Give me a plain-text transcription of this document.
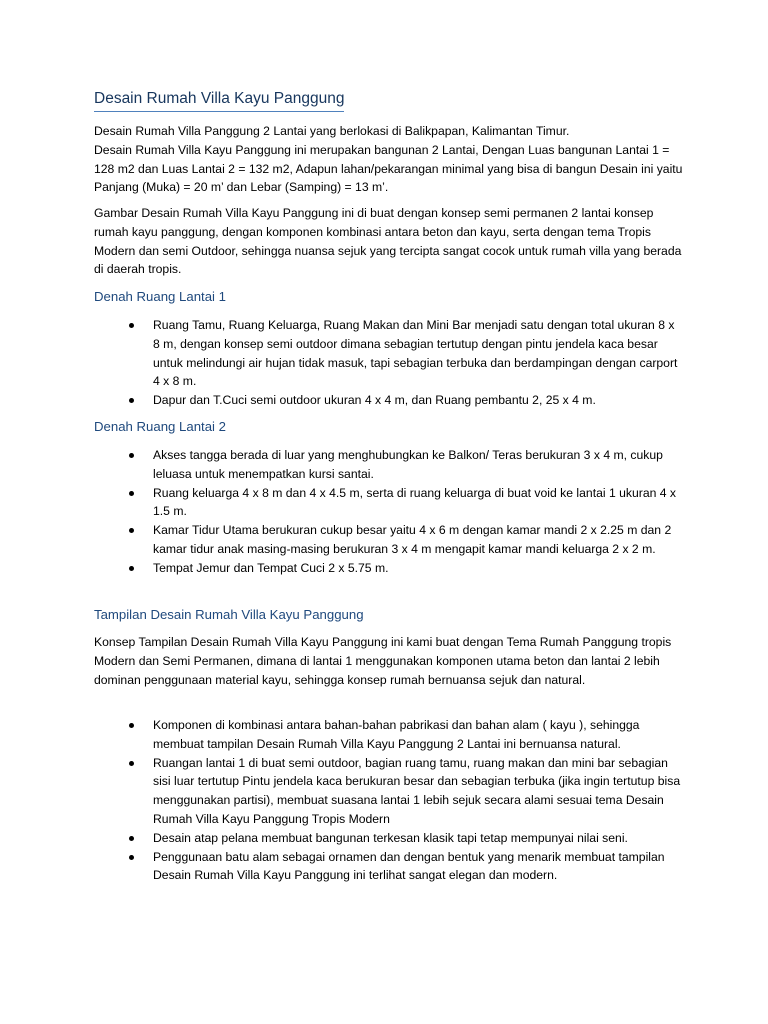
Desain Rumah Villa Kayu Panggung

Desain Rumah Villa Panggung 2 Lantai yang berlokasi di Balikpapan, Kalimantan Timur.

Desain Rumah Villa Kayu Panggung ini merupakan bangunan 2 Lantai, Dengan Luas bangunan Lantai 1 = 128 m2 dan Luas Lantai 2 = 132 m2, Adapun lahan/pekarangan minimal yang bisa di bangun Desain ini yaitu Panjang (Muka) = 20 m’ dan Lebar (Samping) = 13 m’.

Gambar Desain Rumah Villa Kayu Panggung ini di buat dengan konsep semi permanen 2 lantai konsep rumah kayu panggung, dengan komponen kombinasi antara beton dan kayu, serta dengan tema Tropis Modern dan semi Outdoor, sehingga nuansa sejuk yang tercipta sangat cocok untuk rumah villa yang berada di daerah tropis.

Denah Ruang Lantai 1
Ruang Tamu, Ruang Keluarga, Ruang Makan dan Mini Bar menjadi satu dengan total ukuran 8 x 8 m, dengan konsep semi outdoor dimana sebagian tertutup dengan pintu jendela kaca besar untuk melindungi air hujan tidak masuk, tapi sebagian terbuka dan berdampingan dengan carport 4 x 8 m.
Dapur dan T.Cuci semi outdoor ukuran 4 x 4 m, dan Ruang pembantu 2, 25 x 4 m.
Denah Ruang Lantai 2
Akses tangga berada di luar yang menghubungkan ke Balkon/ Teras berukuran 3 x 4 m, cukup leluasa untuk menempatkan kursi santai.
Ruang keluarga 4 x 8 m dan 4 x 4.5 m, serta di ruang keluarga di buat void ke lantai 1 ukuran 4 x 1.5 m.
Kamar Tidur Utama berukuran cukup besar yaitu 4 x 6 m dengan kamar mandi 2 x 2.25 m dan 2 kamar tidur anak masing-masing berukuran 3 x 4 m mengapit kamar mandi keluarga 2 x 2 m.
Tempat Jemur dan Tempat Cuci 2 x 5.75 m.
Tampilan Desain Rumah Villa Kayu Panggung

Konsep Tampilan Desain Rumah Villa Kayu Panggung ini kami buat dengan Tema Rumah Panggung tropis Modern dan Semi Permanen, dimana di lantai 1 menggunakan komponen utama beton dan lantai 2 lebih dominan penggunaan material kayu, sehingga konsep rumah bernuansa sejuk dan natural.

Komponen di kombinasi antara bahan-bahan pabrikasi dan bahan alam ( kayu ), sehingga membuat tampilan Desain Rumah Villa Kayu Panggung 2 Lantai ini bernuansa natural.
Ruangan lantai 1 di buat semi outdoor, bagian ruang tamu, ruang makan dan mini bar sebagian sisi luar tertutup Pintu jendela kaca berukuran besar dan sebagian terbuka (jika ingin tertutup bisa menggunakan partisi), membuat suasana lantai 1 lebih sejuk secara alami sesuai tema Desain Rumah Villa Kayu Panggung Tropis Modern
Desain atap pelana membuat bangunan terkesan klasik tapi tetap mempunyai nilai seni.
Penggunaan batu alam sebagai ornamen dan dengan bentuk yang menarik membuat tampilan Desain Rumah Villa Kayu Panggung ini terlihat sangat elegan dan modern.
